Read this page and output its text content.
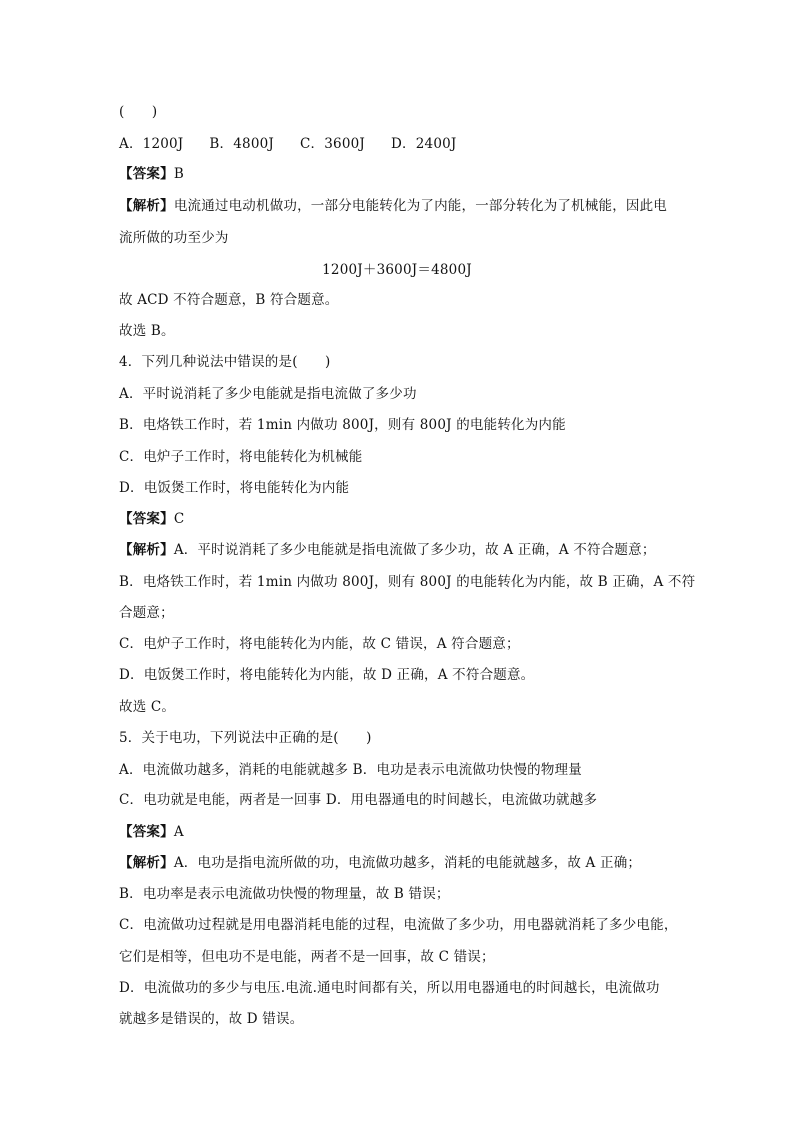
(　　)
A．1200J B．4800J C．3600J D．2400J
【答案】B
【解析】电流通过电动机做功，一部分电能转化为了内能，一部分转化为了机械能，因此电
流所做的功至少为
1200J＋3600J＝4800J
故 ACD 不符合题意，B 符合题意。
故选 B。
4．下列几种说法中错误的是(　　)
A．平时说消耗了多少电能就是指电流做了多少功
B．电烙铁工作时，若 1min 内做功 800J，则有 800J 的电能转化为内能
C．电炉子工作时，将电能转化为机械能
D．电饭煲工作时，将电能转化为内能
【答案】C
【解析】A．平时说消耗了多少电能就是指电流做了多少功，故 A 正确，A 不符合题意；
B．电烙铁工作时，若 1min 内做功 800J，则有 800J 的电能转化为内能，故 B 正确，A 不符
合题意；
C．电炉子工作时，将电能转化为内能，故 C 错误，A 符合题意；
D．电饭煲工作时，将电能转化为内能，故 D 正确，A 不符合题意。
故选 C。
5．关于电功，下列说法中正确的是(　　)
A．电流做功越多，消耗的电能就越多 B．电功是表示电流做功快慢的物理量
C．电功就是电能，两者是一回事 D．用电器通电的时间越长，电流做功就越多
【答案】A
【解析】A．电功是指电流所做的功，电流做功越多，消耗的电能就越多，故 A 正确；
B．电功率是表示电流做功快慢的物理量，故 B 错误；
C．电流做功过程就是用电器消耗电能的过程，电流做了多少功，用电器就消耗了多少电能，
它们是相等，但电功不是电能，两者不是一回事，故 C 错误；
D．电流做功的多少与电压.电流.通电时间都有关，所以用电器通电的时间越长，电流做功
就越多是错误的，故 D 错误。
